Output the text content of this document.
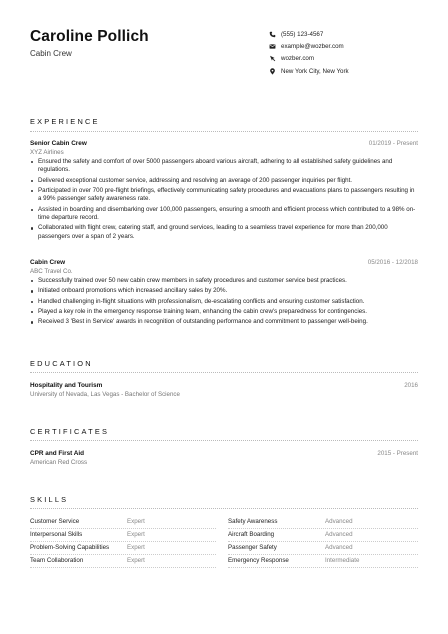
Caroline Pollich
Cabin Crew
(555) 123-4567
example@wozber.com
wozber.com
New York City, New York
EXPERIENCE
Senior Cabin Crew	01/2019 - Present
XYZ Airlines
Ensured the safety and comfort of over 5000 passengers aboard various aircraft, adhering to all established safety guidelines and regulations.
Delivered exceptional customer service, addressing and resolving an average of 200 passenger inquiries per flight.
Participated in over 700 pre-flight briefings, effectively communicating safety procedures and evacuations plans to passengers resulting in a 99% passenger safety awareness rate.
Assisted in boarding and disembarking over 100,000 passengers, ensuring a smooth and efficient process which contributed to a 98% on-time departure record.
Collaborated with flight crew, catering staff, and ground services, leading to a seamless travel experience for more than 200,000 passengers over a span of 2 years.
Cabin Crew	05/2016 - 12/2018
ABC Travel Co.
Successfully trained over 50 new cabin crew members in safety procedures and customer service best practices.
Initiated onboard promotions which increased ancillary sales by 20%.
Handled challenging in-flight situations with professionalism, de-escalating conflicts and ensuring customer satisfaction.
Played a key role in the emergency response training team, enhancing the cabin crew's preparedness for contingencies.
Received 3 'Best in Service' awards in recognition of outstanding performance and commitment to passenger well-being.
EDUCATION
Hospitality and Tourism	2016
University of Nevada, Las Vegas - Bachelor of Science
CERTIFICATES
CPR and First Aid	2015 - Present
American Red Cross
SKILLS
Customer Service	Expert	Safety Awareness	Advanced
Interpersonal Skills	Expert	Aircraft Boarding	Advanced
Problem-Solving Capabilities	Expert	Passenger Safety	Advanced
Team Collaboration	Expert	Emergency Response	Intermediate
